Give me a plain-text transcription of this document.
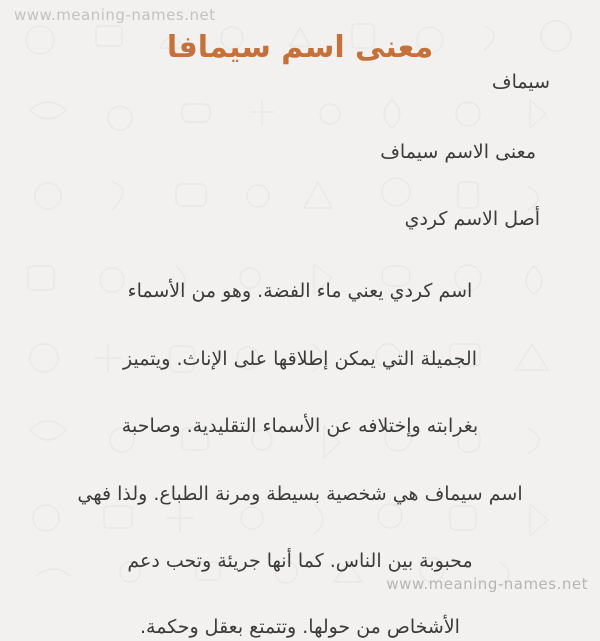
www.meaning-names.net
معنى اسم سيمافا
سيماف
معنى الاسم سيماف
أصل الاسم كردي
اسم كردي يعني ماء الفضة. وهو من الأسماء
الجميلة التي يمكن إطلاقها على الإناث. ويتميز
بغرابته وإختلافه عن الأسماء التقليدية. وصاحبة
اسم سيماف هي شخصية بسيطة ومرنة الطباع. ولذا فهي
محبوبة بين الناس. كما أنها جريئة وتحب دعم
الأشخاص من حولها. وتتمتع بعقل وحكمة.
www.meaning-names.net
